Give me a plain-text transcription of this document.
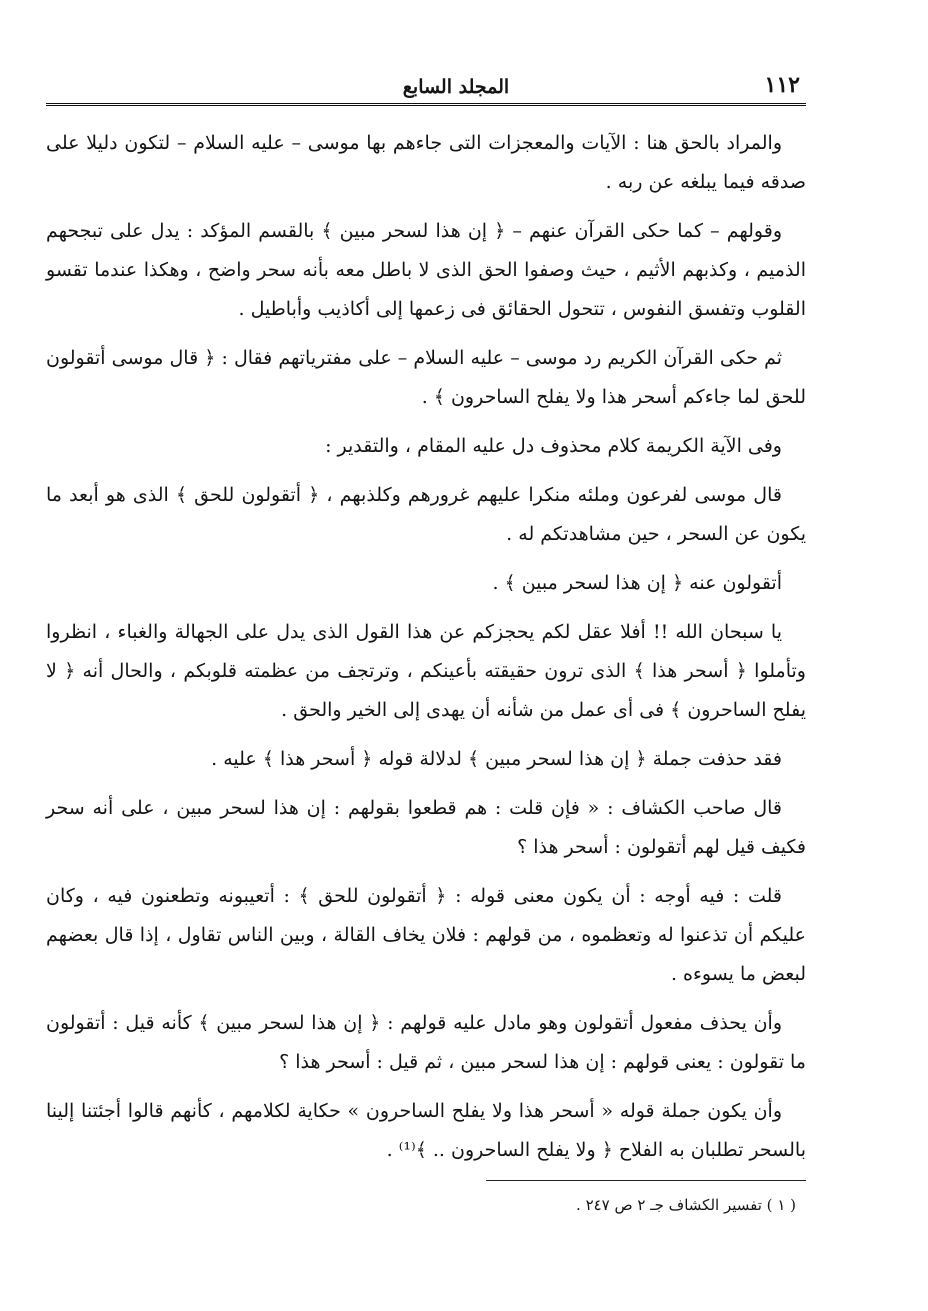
١١٢
المجلد السابع

والمراد بالحق هنا : الآيات والمعجزات التى جاءهم بها موسى – عليه السلام – لتكون دليلا على صدقه فيما يبلغه عن ربه .

وقولهم – كما حكى القرآن عنهم – ﴿ إن هذا لسحر مبين ﴾ بالقسم المؤكد : يدل على تبجحهم الذميم ، وكذبهم الأثيم ، حيث وصفوا الحق الذى لا باطل معه بأنه سحر واضح ، وهكذا عندما تقسو القلوب وتفسق النفوس ، تتحول الحقائق فى زعمها إلى أكاذيب وأباطيل .

ثم حكى القرآن الكريم رد موسى – عليه السلام – على مفترياتهم فقال : ﴿ قال موسى أتقولون للحق لما جاءكم أسحر هذا ولا يفلح الساحرون ﴾ .

وفى الآية الكريمة كلام محذوف دل عليه المقام ، والتقدير :

قال موسى لفرعون وملئه منكرا عليهم غرورهم وكلذبهم ، ﴿ أتقولون للحق ﴾ الذى هو أبعد ما يكون عن السحر ، حين مشاهدتكم له .

أتقولون عنه ﴿ إن هذا لسحر مبين ﴾ .

يا سبحان الله !! أفلا عقل لكم يحجزكم عن هذا القول الذى يدل على الجهالة والغباء ، انظروا وتأملوا ﴿ أسحر هذا ﴾ الذى ترون حقيقته بأعينكم ، وترتجف من عظمته قلوبكم ، والحال أنه ﴿ لا يفلح الساحرون ﴾ فى أى عمل من شأنه أن يهدى إلى الخير والحق .

فقد حذفت جملة ﴿ إن هذا لسحر مبين ﴾ لدلالة قوله ﴿ أسحر هذا ﴾ عليه .

قال صاحب الكشاف : « فإن قلت : هم قطعوا بقولهم : إن هذا لسحر مبين ، على أنه سحر فكيف قيل لهم أتقولون : أسحر هذا ؟

قلت : فيه أوجه : أن يكون معنى قوله : ﴿ أتقولون للحق ﴾ : أتعيبونه وتطعنون فيه ، وكان عليكم أن تذعنوا له وتعظموه ، من قولهم : فلان يخاف القالة ، وبين الناس تقاول ، إذا قال بعضهم لبعض ما يسوءه .

وأن يحذف مفعول أتقولون وهو مادل عليه قولهم : ﴿ إن هذا لسحر مبين ﴾ كأنه قيل : أتقولون ما تقولون : يعنى قولهم : إن هذا لسحر مبين ، ثم قيل : أسحر هذا ؟

وأن يكون جملة قوله « أسحر هذا ولا يفلح الساحرون » حكاية لكلامهم ، كأنهم قالوا أجئتنا إلينا بالسحر تطلبان به الفلاح ﴿ ولا يفلح الساحرون .. ﴾⁽¹⁾ .

( ١ ) تفسير الكشاف جـ ٢ ص ٢٤٧ .
